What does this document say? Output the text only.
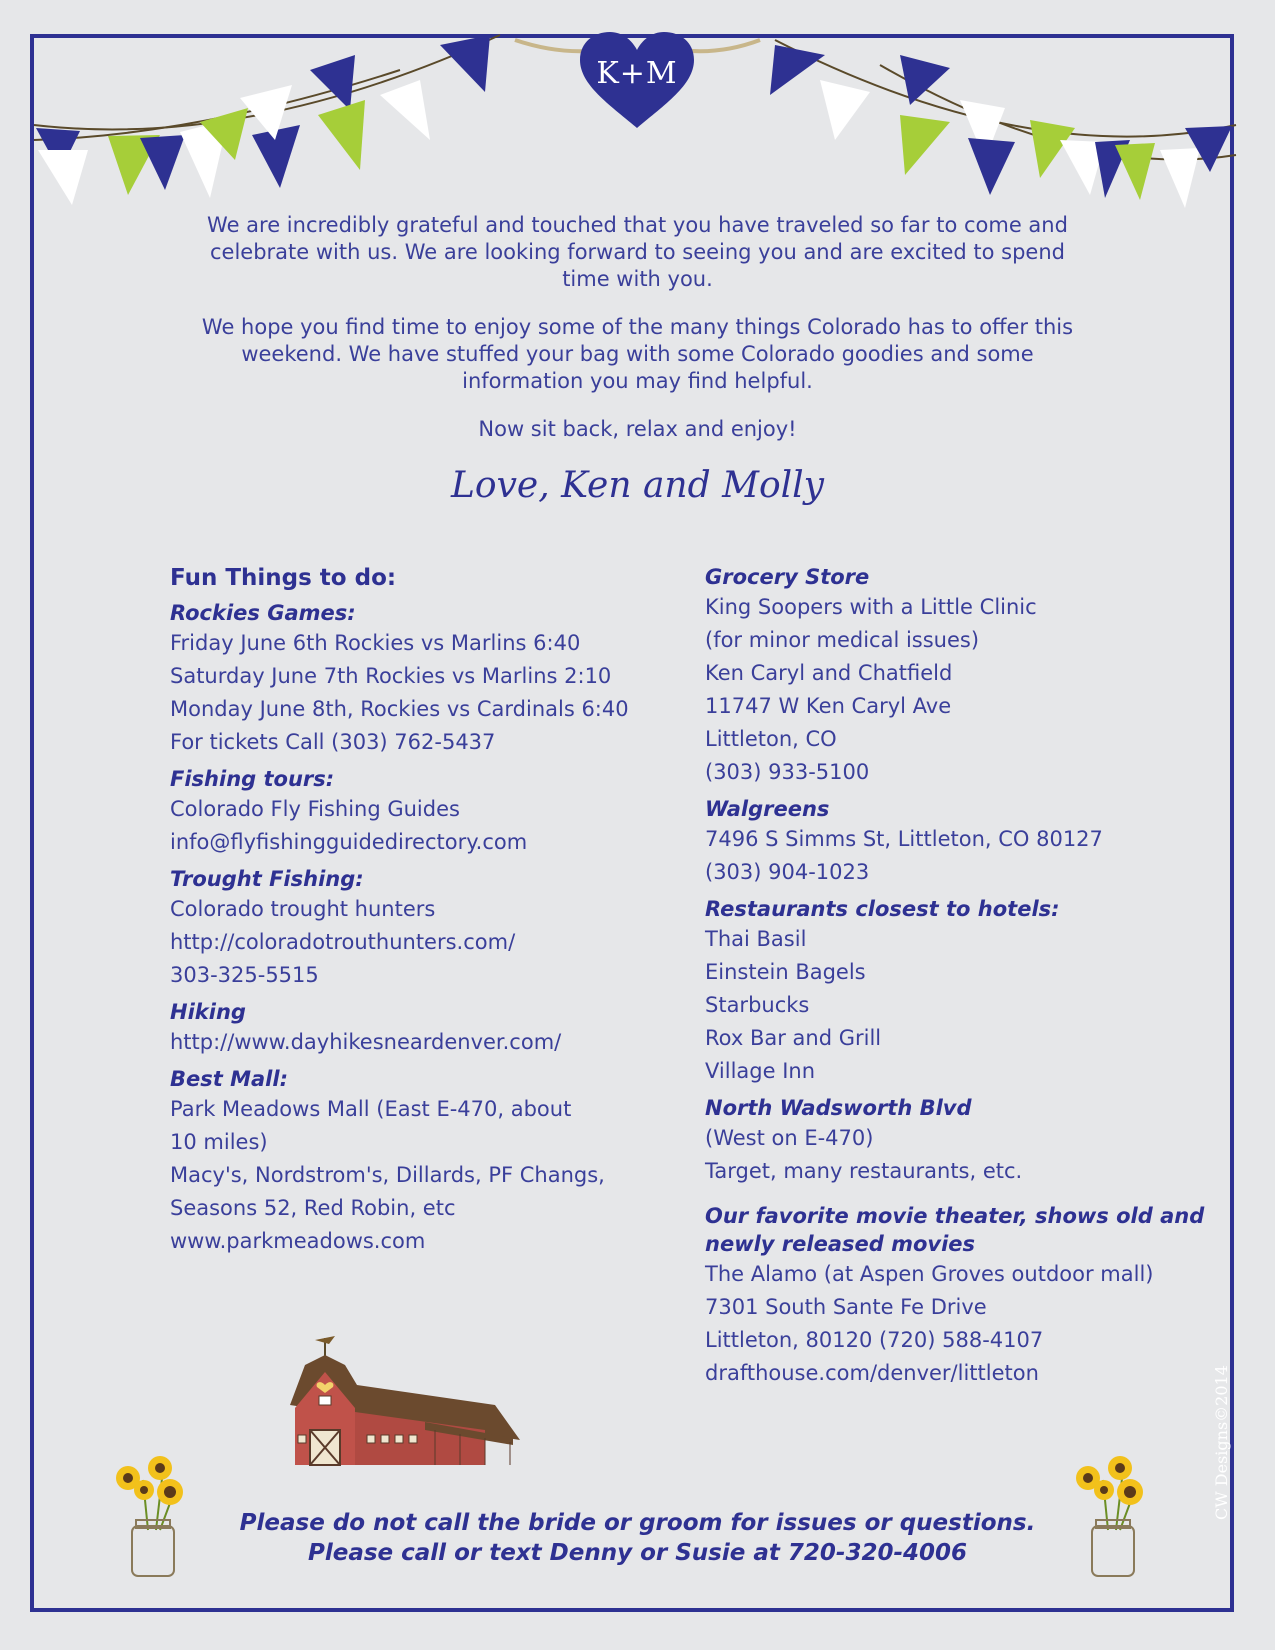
K+M

We are incredibly grateful and touched that you have traveled so far to come and celebrate with us. We are looking forward to seeing you and are excited to spend time with you.

We hope you find time to enjoy some of the many things Colorado has to offer this weekend. We have stuffed your bag with some Colorado goodies and some information you may find helpful.

Now sit back, relax and enjoy!

Love, Ken and Molly
Fun Things to do:
Rockies Games:
Friday June 6th Rockies vs Marlins 6:40
Saturday June 7th Rockies vs Marlins 2:10
Monday June 8th, Rockies vs Cardinals 6:40
For tickets Call (303) 762-5437
Fishing tours:
Colorado Fly Fishing Guides
info@flyfishingguidedirectory.com
Trought Fishing:
Colorado trought hunters
http://coloradotrouthunters.com/
303-325-5515
Hiking
http://www.dayhikesneardenver.com/
Best Mall:
Park Meadows Mall (East E-470, about 10 miles)
Macy's, Nordstrom's, Dillards, PF Changs,
Seasons 52, Red Robin, etc
www.parkmeadows.com
Grocery Store
King Soopers with a Little Clinic
(for minor medical issues)
Ken Caryl and Chatfield
11747 W Ken Caryl Ave
Littleton, CO
(303) 933-5100
Walgreens
7496 S Simms St, Littleton, CO 80127
(303) 904-1023
Restaurants closest to hotels:
Thai Basil
Einstein Bagels
Starbucks
Rox Bar and Grill
Village Inn
North Wadsworth Blvd
(West on E-470)
Target, many restaurants, etc.
Our favorite movie theater, shows old and newly released movies
The Alamo (at Aspen Groves outdoor mall)
7301 South Sante Fe Drive
Littleton, 80120 (720) 588-4107
drafthouse.com/denver/littleton
Please do not call the bride or groom for issues or questions.
Please call or text Denny or Susie at 720-320-4006
CW Designs©2014
